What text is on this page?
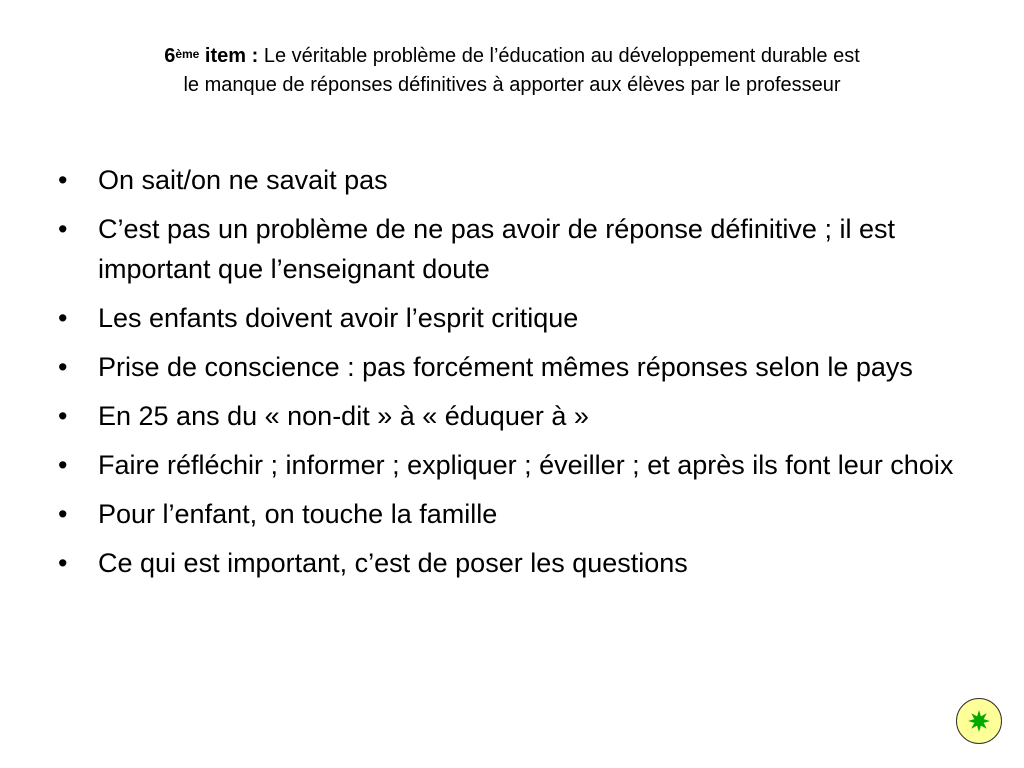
6ème item : Le véritable problème de l’éducation au développement durable est
le manque de réponses définitives à apporter aux élèves par le professeur
• On sait/on ne savait pas
• C’est pas un problème de ne pas avoir de réponse définitive ; il est important que l’enseignant doute
• Les enfants doivent avoir l’esprit critique
• Prise de conscience : pas forcément mêmes réponses selon le pays
• En 25 ans du « non-dit » à « éduquer à »
• Faire réfléchir ; informer ; expliquer ; éveiller ; et après ils font leur choix
• Pour l’enfant, on touche la famille
• Ce qui est important, c’est de poser les questions
